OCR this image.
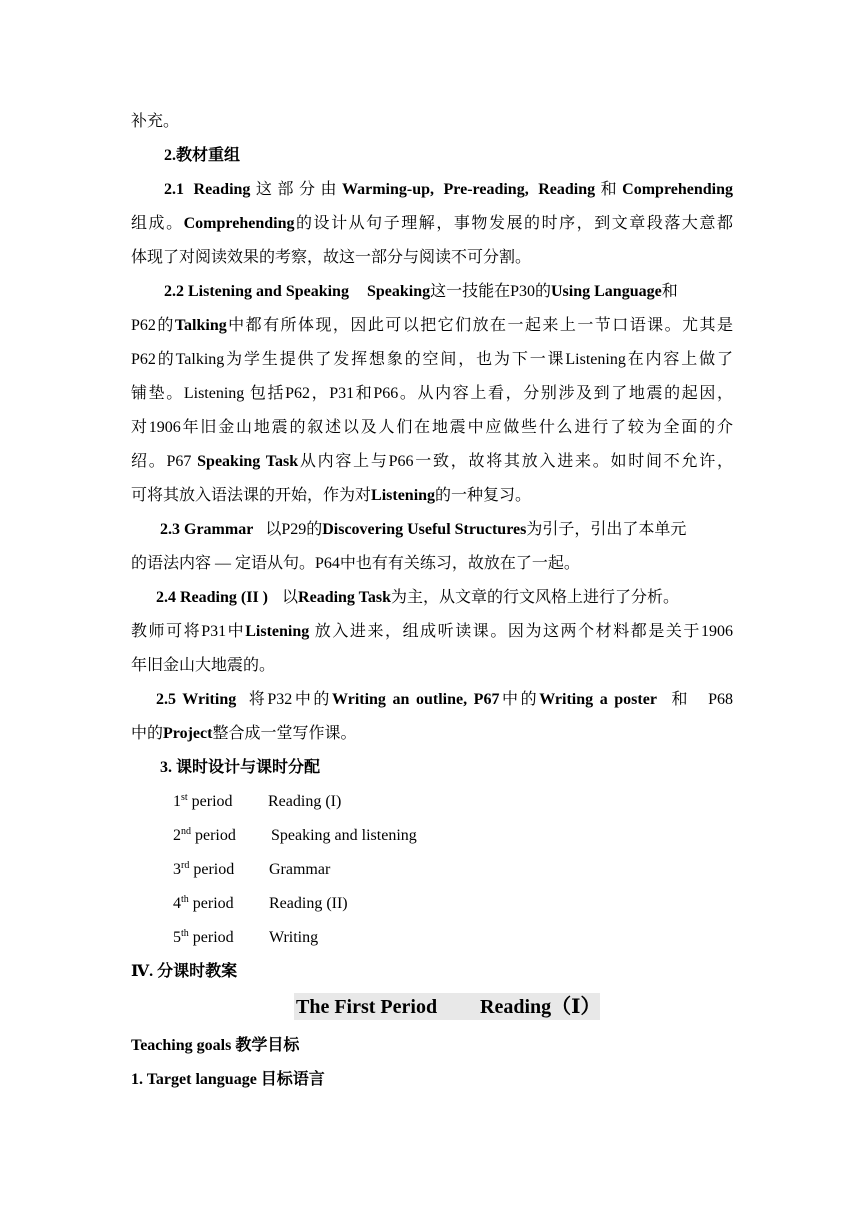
补充。
2.教材重组
2.1 Reading这部分由Warming-up, Pre-reading, Reading和Comprehending
组成。Comprehending的设计从句子理解，事物发展的时序，到文章段落大意都
体现了对阅读效果的考察，故这一部分与阅读不可分割。
2.2 Listening and Speaking Speaking这一技能在P30的Using Language和
P62的Talking中都有所体现，因此可以把它们放在一起来上一节口语课。尤其是
P62的Talking为学生提供了发挥想象的空间，也为下一课Listening在内容上做了
铺垫。Listening 包括P62，P31和P66。从内容上看，分别涉及到了地震的起因，
对1906年旧金山地震的叙述以及人们在地震中应做些什么进行了较为全面的介
绍。P67 Speaking Task从内容上与P66一致，故将其放入进来。如时间不允许，
可将其放入语法课的开始，作为对Listening的一种复习。
2.3 Grammar 以P29的Discovering Useful Structures为引子，引出了本单元
的语法内容 — 定语从句。P64中也有有关练习，故放在了一起。
2.4 Reading (II ) 以Reading Task为主，从文章的行文风格上进行了分析。
教师可将P31中Listening 放入进来，组成听读课。因为这两个材料都是关于1906
年旧金山大地震的。
2.5 Writing 将P32中的Writing an outline, P67中的Writing a poster 和 P68
中的Project整合成一堂写作课。
3. 课时设计与课时分配
1st period Reading (I)
2nd period Speaking and listening
3rd period Grammar
4th period Reading (II)
5th period Writing
Ⅳ. 分课时教案
The First Period Reading（Ⅰ）
Teaching goals 教学目标
1. Target language 目标语言
